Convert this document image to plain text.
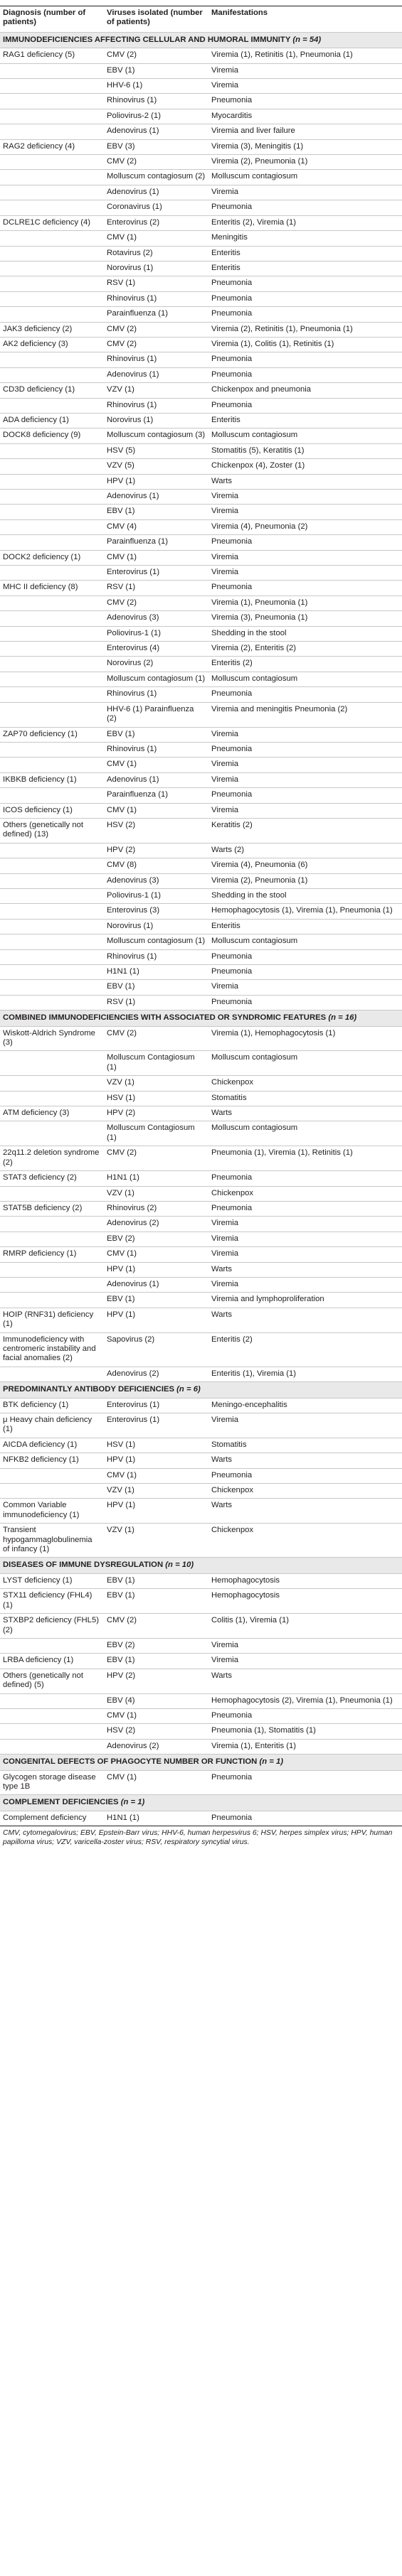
Diagnosis (number of patients)	Viruses isolated (number of patients)	Manifestations
IMMUNODEFICIENCIES AFFECTING CELLULAR AND HUMORAL IMMUNITY (n = 54)		
RAG1 deficiency (5)	CMV (2)	Viremia (1), Retinitis (1), Pneumonia (1)
	EBV (1)	Viremia
	HHV-6 (1)	Viremia
	Rhinovirus (1)	Pneumonia
	Poliovirus-2 (1)	Myocarditis
	Adenovirus (1)	Viremia and liver failure
RAG2 deficiency (4)	EBV (3)	Viremia (3), Meningitis (1)
	CMV (2)	Viremia (2), Pneumonia (1)
	Molluscum contagiosum (2)	Molluscum contagiosum
	Adenovirus (1)	Viremia
	Coronavirus (1)	Pneumonia
DCLRE1C deficiency (4)	Enterovirus (2)	Enteritis (2), Viremia (1)
	CMV (1)	Meningitis
	Rotavirus (2)	Enteritis
	Norovirus (1)	Enteritis
	RSV (1)	Pneumonia
	Rhinovirus (1)	Pneumonia
	Parainfluenza (1)	Pneumonia
JAK3 deficiency (2)	CMV (2)	Viremia (2), Retinitis (1), Pneumonia (1)
AK2 deficiency (3)	CMV (2)	Viremia (1), Colitis (1), Retinitis (1)
	Rhinovirus (1)	Pneumonia
	Adenovirus (1)	Pneumonia
CD3D deficiency (1)	VZV (1)	Chickenpox and pneumonia
	Rhinovirus (1)	Pneumonia
ADA deficiency (1)	Norovirus (1)	Enteritis
DOCK8 deficiency (9)	Molluscum contagiosum (3)	Molluscum contagiosum
	HSV (5)	Stomatitis (5), Keratitis (1)
	VZV (5)	Chickenpox (4), Zoster (1)
	HPV (1)	Warts
	Adenovirus (1)	Viremia
	EBV (1)	Viremia
	CMV (4)	Viremia (4), Pneumonia (2)
	Parainfluenza (1)	Pneumonia
DOCK2 deficiency (1)	CMV (1)	Viremia
	Enterovirus (1)	Viremia
MHC II deficiency (8)	RSV (1)	Pneumonia
	CMV (2)	Viremia (1), Pneumonia (1)
	Adenovirus (3)	Viremia (3), Pneumonia (1)
	Poliovirus-1 (1)	Shedding in the stool
	Enterovirus (4)	Viremia (2), Enteritis (2)
	Norovirus (2)	Enteritis (2)
	Molluscum contagiosum (1)	Molluscum contagiosum
	Rhinovirus (1)	Pneumonia
	HHV-6 (1) Parainfluenza (2)	Viremia and meningitis Pneumonia (2)
ZAP70 deficiency (1)	EBV (1)	Viremia
	Rhinovirus (1)	Pneumonia
	CMV (1)	Viremia
IKBKB deficiency (1)	Adenovirus (1)	Viremia
	Parainfluenza (1)	Pneumonia
ICOS deficiency (1)	CMV (1)	Viremia
Others (genetically not defined) (13)	HSV (2)	Keratitis (2)
	HPV (2)	Warts (2)
	CMV (8)	Viremia (4), Pneumonia (6)
	Adenovirus (3)	Viremia (2), Pneumonia (1)
	Poliovirus-1 (1)	Shedding in the stool
	Enterovirus (3)	Hemophagocytosis (1), Viremia (1), Pneumonia (1)
	Norovirus (1)	Enteritis
	Molluscum contagiosum (1)	Molluscum contagiosum
	Rhinovirus (1)	Pneumonia
	H1N1 (1)	Pneumonia
	EBV (1)	Viremia
	RSV (1)	Pneumonia
COMBINED IMMUNODEFICIENCIES WITH ASSOCIATED OR SYNDROMIC FEATURES (n = 16)		
Wiskott-Aldrich Syndrome (3)	CMV (2)	Viremia (1), Hemophagocytosis (1)
	Molluscum Contagiosum (1)	Molluscum contagiosum
	VZV (1)	Chickenpox
	HSV (1)	Stomatitis
ATM deficiency (3)	HPV (2)	Warts
	Molluscum Contagiosum (1)	Molluscum contagiosum
22q11.2 deletion syndrome (2)	CMV (2)	Pneumonia (1), Viremia (1), Retinitis (1)
STAT3 deficiency (2)	H1N1 (1)	Pneumonia
	VZV (1)	Chickenpox
STAT5B deficiency (2)	Rhinovirus (2)	Pneumonia
	Adenovirus (2)	Viremia
	EBV (2)	Viremia
RMRP deficiency (1)	CMV (1)	Viremia
	HPV (1)	Warts
	Adenovirus (1)	Viremia
	EBV (1)	Viremia and lymphoproliferation
HOIP (RNF31) deficiency (1)	HPV (1)	Warts
Immunodeficiency with centromeric instability and facial anomalies (2)	Sapovirus (2)	Enteritis (2)
	Adenovirus (2)	Enteritis (1), Viremia (1)
PREDOMINANTLY ANTIBODY DEFICIENCIES (n = 6)		
BTK deficiency (1)	Enterovirus (1)	Meningo-encephalitis
μ Heavy chain deficiency (1)	Enterovirus (1)	Viremia
AICDA deficiency (1)	HSV (1)	Stomatitis
NFKB2 deficiency (1)	HPV (1)	Warts
	CMV (1)	Pneumonia
	VZV (1)	Chickenpox
Common Variable immunodeficiency (1)	HPV (1)	Warts
Transient hypogammaglobulinemia of infancy (1)	VZV (1)	Chickenpox
DISEASES OF IMMUNE DYSREGULATION (n = 10)		
LYST deficiency (1)	EBV (1)	Hemophagocytosis
STX11 deficiency (FHL4) (1)	EBV (1)	Hemophagocytosis
STXBP2 deficiency (FHL5) (2)	CMV (2)	Colitis (1), Viremia (1)
	EBV (2)	Viremia
LRBA deficiency (1)	EBV (1)	Viremia
Others (genetically not defined) (5)	HPV (2)	Warts
	EBV (4)	Hemophagocytosis (2), Viremia (1), Pneumonia (1)
	CMV (1)	Pneumonia
	HSV (2)	Pneumonia (1), Stomatitis (1)
	Adenovirus (2)	Viremia (1), Enteritis (1)
CONGENITAL DEFECTS OF PHAGOCYTE NUMBER OR FUNCTION (n = 1)		
Glycogen storage disease type 1B	CMV (1)	Pneumonia
COMPLEMENT DEFICIENCIES (n = 1)		
Complement deficiency	H1N1 (1)	Pneumonia
CMV, cytomegalovirus; EBV, Epstein-Barr virus; HHV-6, human herpesvirus 6; HSV, herpes simplex virus; HPV, human papilloma virus; VZV, varicella-zoster virus; RSV, respiratory syncytial virus.
